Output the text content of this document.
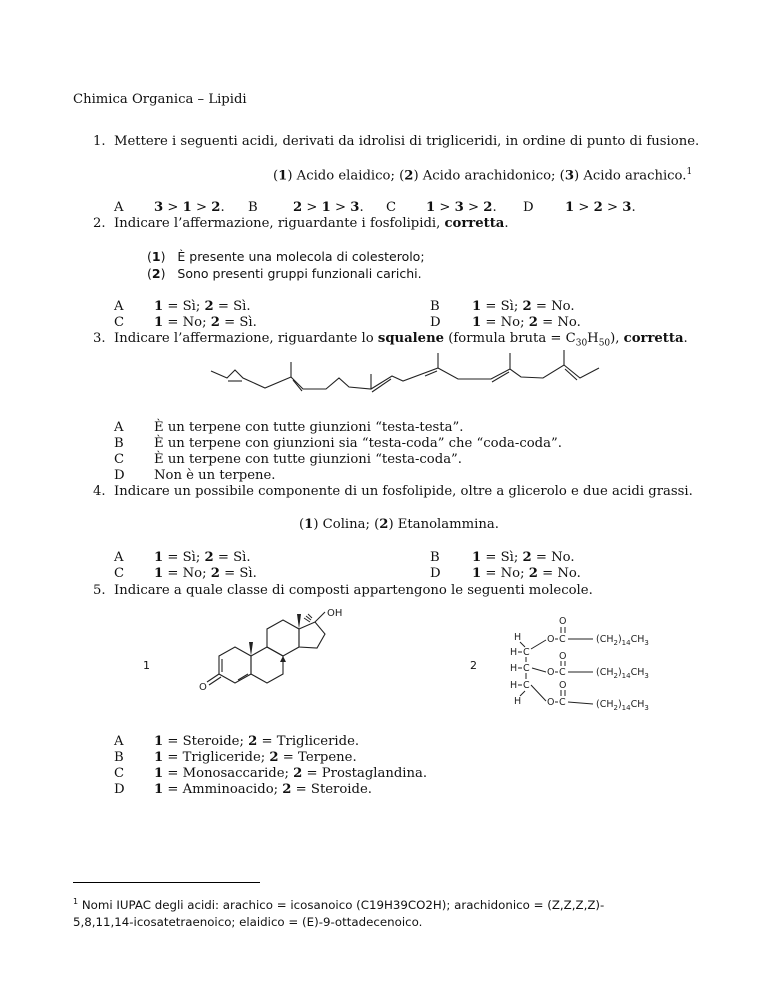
Chimica Organica – Lipidi
1. Mettere i seguenti acidi, derivati da idrolisi di trigliceridi, in ordine di punto di fusione.
(1) Acido elaidico; (2) Acido arachidonico; (3) Acido arachico.$^1$
A 3 > 1 > 2. B	2 > 1 > 3. C 1 > 3 > 2. D 1 > 2 > 3.
2. Indicare l’affermazione, riguardante i fosfolipidi, corretta.
(1)   È presente una molecola di colesterolo;
(2)   Sono presenti gruppi funzionali carichi.
A 1 = Sì; 2 = Sì.	B 1 = Sì; 2 = No.
C 1 = No; 2 = Sì.	D 1 = No; 2 = No.
3. Indicare l’affermazione, riguardante lo squalene (formula bruta = $C_{30}H_{50}$), corretta.
A È un terpene con tutte giunzioni “testa-testa”.
B È un terpene con giunzioni sia “testa-coda” che “coda-coda”.
C È un terpene con tutte giunzioni “testa-coda”.
D Non è un terpene.
4. Indicare un possibile componente di un fosfolipide, oltre a glicerolo e due acidi grassi.
(1) Colina; (2) Etanolammina.
A 1 = Sì; 2 = Sì.	B 1 = Sì; 2 = No.
C 1 = No; 2 = Sì.	D 1 = No; 2 = No.
5. Indicare a quale classe di composti appartengono le seguenti molecole.
OH
O
1	2
H
H C
H C
H C
H
O C
O
O C
O
O
O C
$(CH_2)_{14}CH_3$
$(CH_2)_{14}CH_3$
$(CH_2)_{14}CH_3$
A 1 = Steroide; 2 = Trigliceride.
B 1 = Trigliceride; 2 = Terpene.
C 1 = Monosaccaride; 2 = Prostaglandina.
D 1 = Amminoacido; 2 = Steroide.
$^1$ Nomi IUPAC degli acidi: arachico = icosanoico (C19H39CO2H); arachidonico = (Z,Z,Z,Z)-
5,8,11,14-icosatetraenoico; elaidico = (E)-9-ottadecenoico.
